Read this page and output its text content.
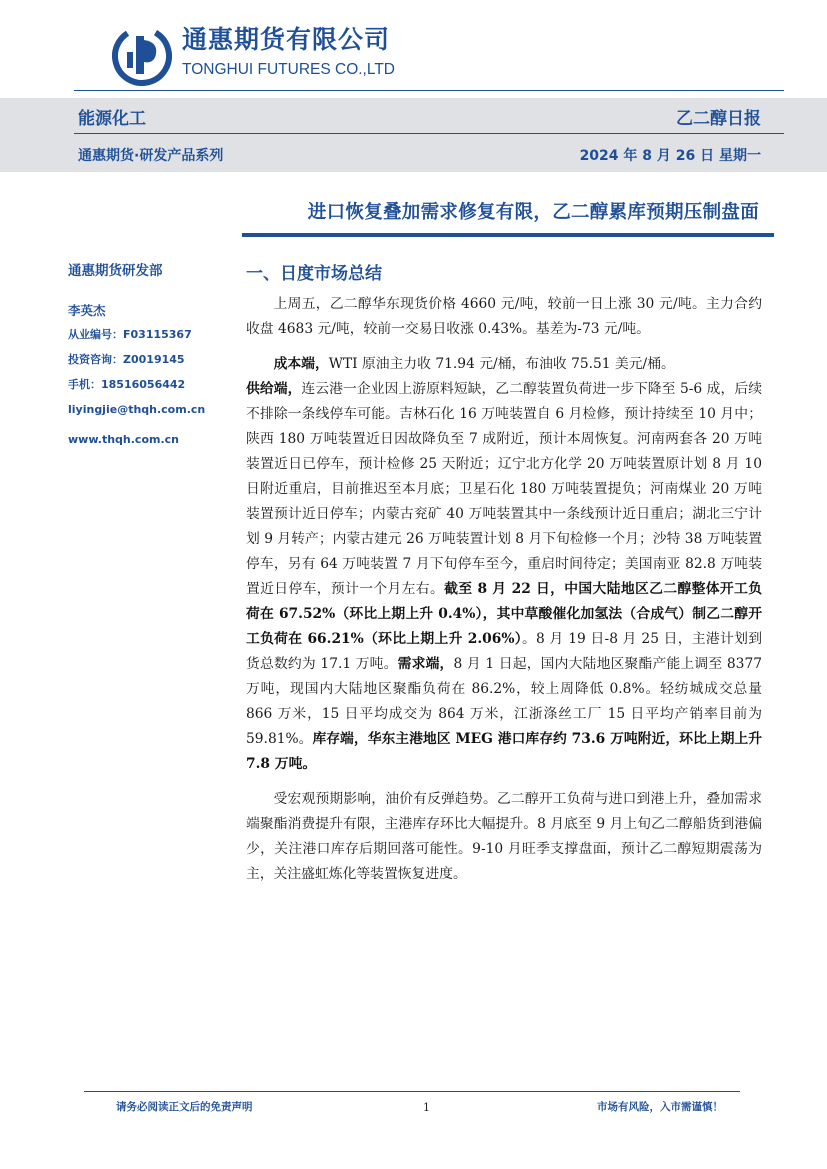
通惠期货有限公司
TONGHUI FUTURES CO.,LTD
能源化工	乙二醇日报
通惠期货·研发产品系列	2024 年 8 月 26 日 星期一
进口恢复叠加需求修复有限，乙二醇累库预期压制盘面
通惠期货研发部
李英杰
从业编号：F03115367
投资咨询：Z0019145
手机：18516056442
liyingjie@thqh.com.cn
www.thqh.com.cn
一、日度市场总结

上周五，乙二醇华东现货价格 4660 元/吨，较前一日上涨 30 元/吨。主力合约收盘 4683 元/吨，较前一交易日收涨 0.43%。基差为-73 元/吨。

成本端，WTI 原油主力收 71.94 元/桶，布油收 75.51 美元/桶。
供给端，连云港一企业因上游原料短缺，乙二醇装置负荷进一步下降至 5-6 成，后续不排除一条线停车可能。吉林石化 16 万吨装置自 6 月检修，预计持续至 10 月中；陕西 180 万吨装置近日因故降负至 7 成附近，预计本周恢复。河南两套各 20 万吨装置近日已停车，预计检修 25 天附近；辽宁北方化学 20 万吨装置原计划 8 月 10 日附近重启，目前推迟至本月底；卫星石化 180 万吨装置提负；河南煤业 20 万吨装置预计近日停车；内蒙古兖矿 40 万吨装置其中一条线预计近日重启；湖北三宁计划 9 月转产；内蒙古建元 26 万吨装置计划 8 月下旬检修一个月；沙特 38 万吨装置停车，另有 64 万吨装置 7 月下旬停车至今，重启时间待定；美国南亚 82.8 万吨装置近日停车，预计一个月左右。截至 8 月 22 日，中国大陆地区乙二醇整体开工负荷在 67.52%（环比上期上升 0.4%），其中草酸催化加氢法（合成气）制乙二醇开工负荷在 66.21%（环比上期上升 2.06%）。8 月 19 日-8 月 25 日，主港计划到货总数约为 17.1 万吨。需求端，8 月 1 日起，国内大陆地区聚酯产能上调至 8377 万吨，现国内大陆地区聚酯负荷在 86.2%，较上周降低 0.8%。轻纺城成交总量 866 万米，15 日平均成交为 864 万米，江浙涤丝工厂 15 日平均产销率目前为 59.81%。库存端，华东主港地区 MEG 港口库存约 73.6 万吨附近，环比上期上升 7.8 万吨。

受宏观预期影响，油价有反弹趋势。乙二醇开工负荷与进口到港上升，叠加需求端聚酯消费提升有限，主港库存环比大幅提升。8 月底至 9 月上旬乙二醇船货到港偏少，关注港口库存后期回落可能性。9-10 月旺季支撑盘面，预计乙二醇短期震荡为主，关注盛虹炼化等装置恢复进度。

请务必阅读正文后的免责声明	1	市场有风险，入市需谨慎！
